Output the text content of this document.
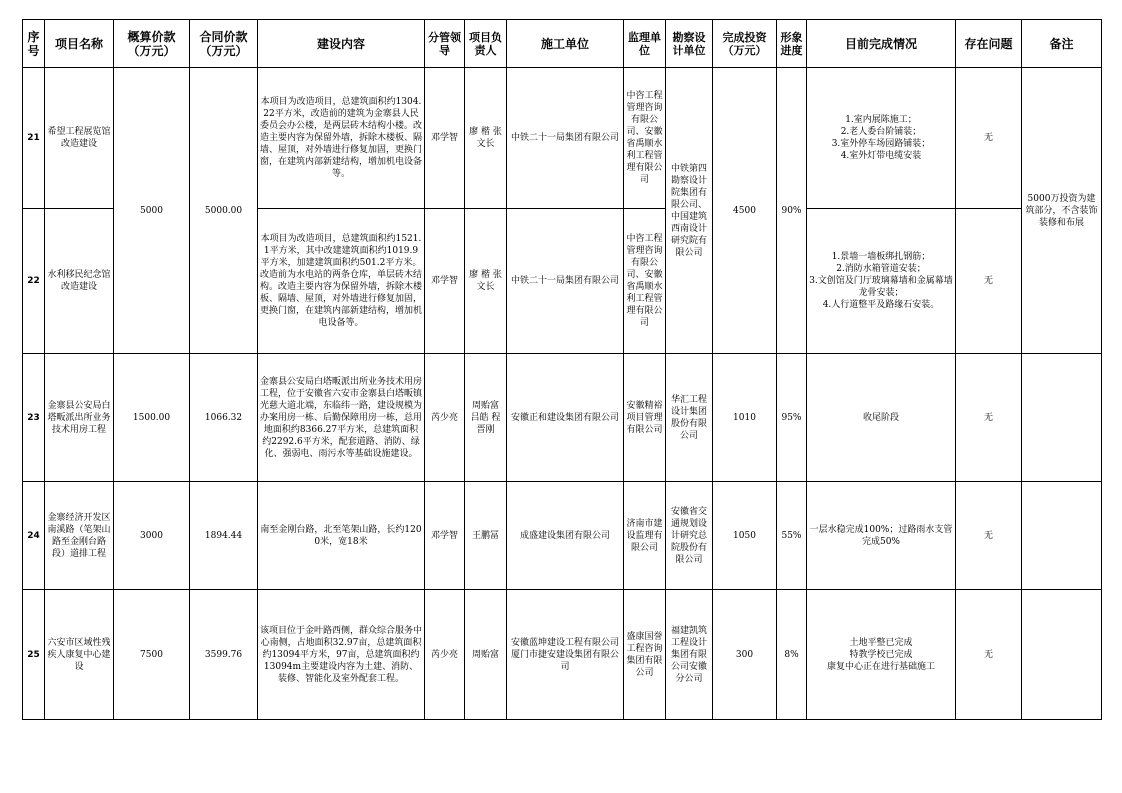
序号	项目名称	概算价款（万元）	合同价款（万元）	建设内容	分管领导	项目负责人	施工单位	监理单位	勘察设计单位	完成投资（万元）	形象进度	目前完成情况	存在问题	备注
21	希望工程展览馆改造建设	5000	5000.00	本项目为改造项目，总建筑面积约1304.22平方米，改造前的建筑为金寨县人民委员会办公楼，是两层砖木结构小楼。改造主要内容为保留外墙，拆除木楼板、隔墙、屋顶，对外墙进行修复加固，更换门窗，在建筑内部新建结构，增加机电设备等。	邓学智	廖 楷 张文长	中铁二十一局集团有限公司	中咨工程管理咨询有限公司、安徽省禹顺水利工程管理有限公司	中铁第四勘察设计院集团有限公司、中国建筑西南设计研究院有限公司	4500	90%	1.室内展陈施工；
2.老人委台阶铺装；
3.室外停车场园路铺装；
4.室外灯带电缆安装	无	5000万投资为建筑部分，不含装饰装修和布展
22	水利移民纪念馆改造建设			本项目为改造项目，总建筑面积约1521.1平方米，其中改建建筑面积约1019.9平方米，加建建筑面积约501.2平方米。改造前为水电站的两条仓库，单层砖木结构。改造主要内容为保留外墙，拆除木楼板、隔墙、屋顶，对外墙进行修复加固，更换门窗，在建筑内部新建结构，增加机电设备等。	邓学智	廖 楷 张文长	中铁二十一局集团有限公司	中咨工程管理咨询有限公司、安徽省禹顺水利工程管理有限公司				1.景墙一墙板绑扎钢筋；
2.消防水箱管道安装；
3.文创馆及门厅玻璃幕墙和金属幕墙龙骨安装；
4.人行道整平及路缘石安装。	无	
23	金寨县公安局白塔畈派出所业务技术用房工程	1500.00	1066.32	金寨县公安局白塔畈派出所业务技术用房工程，位于安徽省六安市金寨县白塔畈镇光慈大道北端，东临纬一路，建设规模为办案用房一栋、后勤保障用房一栋，总用地面积约8366.27平方米，总建筑面积约2292.6平方米，配套道路、消防、绿化、强弱电、雨污水等基础设施建设。	芮少亮	周贻富 吕皓 程晋刚	安徽正和建设集团有限公司	安徽精裕项目管理有限公司	华汇工程设计集团股份有限公司	1010	95%	收尾阶段	无	
24	金寨经济开发区南溪路（笔架山路至金刚台路段）道排工程	3000	1894.44	南至金刚台路，北至笔架山路，长约1200米，宽18米	邓学智	王鹏冨	成盛建设集团有限公司	济南市建设监理有限公司	安徽省交通规划设计研究总院股份有限公司	1050	55%	一层水稳完成100%；过路雨水支管完成50%	无	
25	六安市区域性残疾人康复中心建设	7500	3599.76	该项目位于金叶路西侧，群众综合服务中心南侧，占地面积32.97亩，总建筑面积约13094平方米，97亩，总建筑面积约13094m主要建设内容为土建、消防、装修、智能化及室外配套工程。	芮少亮	周贻富	安徽蓝坤建设工程有限公司 厦门市捷安建设集团有限公司	盛康国誉工程咨询集团有限公司	福建凯筑工程设计集团有限公司安徽分公司	300	8%	土地平整已完成
特教学校已完成
康复中心正在进行基础施工	无	
